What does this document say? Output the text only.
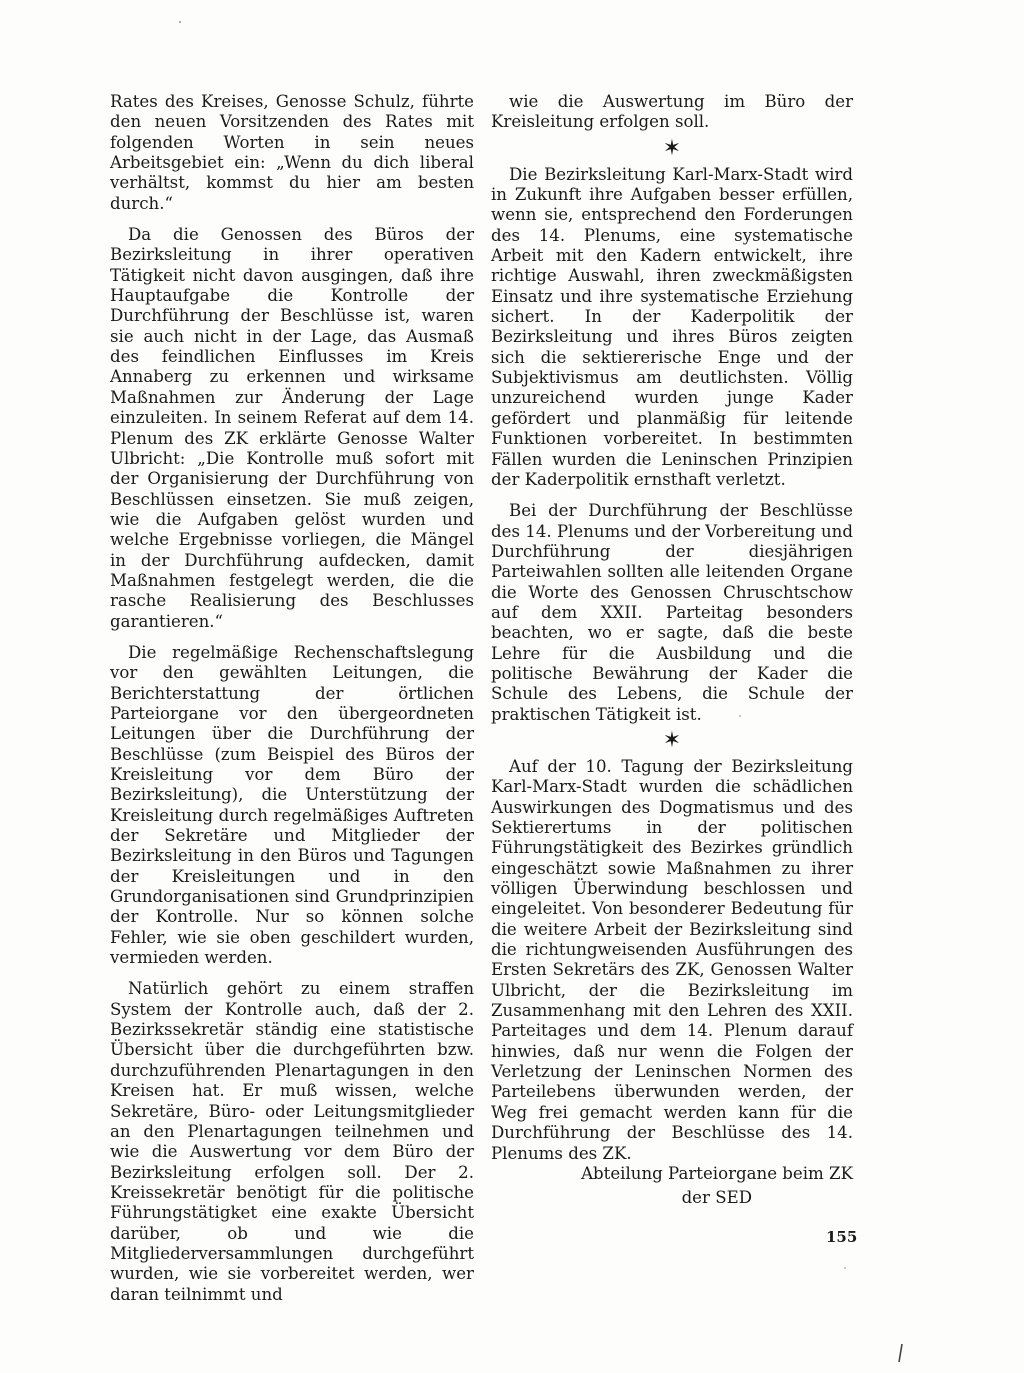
Rates des Kreises, Genosse Schulz, führte den neuen Vorsitzenden des Rates mit folgenden Worten in sein neues Arbeitsgebiet ein: „Wenn du dich liberal verhältst, kommst du hier am besten durch.“

Da die Genossen des Büros der Bezirksleitung in ihrer operativen Tätigkeit nicht davon ausgingen, daß ihre Hauptaufgabe die Kontrolle der Durchführung der Beschlüsse ist, waren sie auch nicht in der Lage, das Ausmaß des feindlichen Einflusses im Kreis Annaberg zu erkennen und wirksame Maßnahmen zur Änderung der Lage einzuleiten. In seinem Referat auf dem 14. Plenum des ZK erklärte Genosse Walter Ulbricht: „Die Kontrolle muß sofort mit der Organisierung der Durchführung von Beschlüssen einsetzen. Sie muß zeigen, wie die Aufgaben gelöst wurden und welche Ergebnisse vorliegen, die Mängel in der Durchführung aufdecken, damit Maßnahmen festgelegt werden, die die rasche Realisierung des Beschlusses garantieren.“

Die regelmäßige Rechenschaftslegung vor den gewählten Leitungen, die Berichterstattung der örtlichen Parteiorgane vor den übergeordneten Leitungen über die Durchführung der Beschlüsse (zum Beispiel des Büros der Kreisleitung vor dem Büro der Bezirksleitung), die Unterstützung der Kreisleitung durch regelmäßiges Auftreten der Sekretäre und Mitglieder der Bezirksleitung in den Büros und Tagungen der Kreisleitungen und in den Grundorganisationen sind Grundprinzipien der Kontrolle. Nur so können solche Fehler, wie sie oben geschildert wurden, vermieden werden.

Natürlich gehört zu einem straffen System der Kontrolle auch, daß der 2. Bezirkssekretär ständig eine statistische Übersicht über die durchgeführten bzw. durchzuführenden Plenartagungen in den Kreisen hat. Er muß wissen, welche Sekretäre, Büro- oder Leitungsmitglieder an den Plenartagungen teilnehmen und wie die Auswertung vor dem Büro der Bezirksleitung erfolgen soll. Der 2. Kreissekretär benötigt für die politische Führungstätigket eine exakte Übersicht darüber, ob und wie die Mitgliederversammlungen durchgeführt wurden, wie sie vorbereitet werden, wer daran teilnimmt und

wie die Auswertung im Büro der Kreisleitung erfolgen soll.

✶

Die Bezirksleitung Karl-Marx-Stadt wird in Zukunft ihre Aufgaben besser erfüllen, wenn sie, entsprechend den Forderungen des 14. Plenums, eine systematische Arbeit mit den Kadern entwickelt, ihre richtige Auswahl, ihren zweckmäßigsten Einsatz und ihre systematische Erziehung sichert. In der Kaderpolitik der Bezirksleitung und ihres Büros zeigten sich die sektiererische Enge und der Subjektivismus am deutlichsten. Völlig unzureichend wurden junge Kader gefördert und planmäßig für leitende Funktionen vorbereitet. In bestimmten Fällen wurden die Leninschen Prinzipien der Kaderpolitik ernsthaft verletzt.

Bei der Durchführung der Beschlüsse des 14. Plenums und der Vorbereitung und Durchführung der diesjährigen Parteiwahlen sollten alle leitenden Organe die Worte des Genossen Chruschtschow auf dem XXII. Parteitag besonders beachten, wo er sagte, daß die beste Lehre für die Ausbildung und die politische Bewährung der Kader die Schule des Lebens, die Schule der praktischen Tätigkeit ist.

✶

Auf der 10. Tagung der Bezirksleitung Karl-Marx-Stadt wurden die schädlichen Auswirkungen des Dogmatismus und des Sektierertums in der politischen Führungstätigkeit des Bezirkes gründlich eingeschätzt sowie Maßnahmen zu ihrer völligen Überwindung beschlossen und eingeleitet. Von besonderer Bedeutung für die weitere Arbeit der Bezirksleitung sind die richtungweisenden Ausführungen des Ersten Sekretärs des ZK, Genossen Walter Ulbricht, der die Bezirksleitung im Zusammenhang mit den Lehren des XXII. Parteitages und dem 14. Plenum darauf hinwies, daß nur wenn die Folgen der Verletzung der Leninschen Normen des Parteilebens überwunden werden, der Weg frei gemacht werden kann für die Durchführung der Beschlüsse des 14. Plenums des ZK.

Abteilung Parteiorgane beim ZK

der SED

155
